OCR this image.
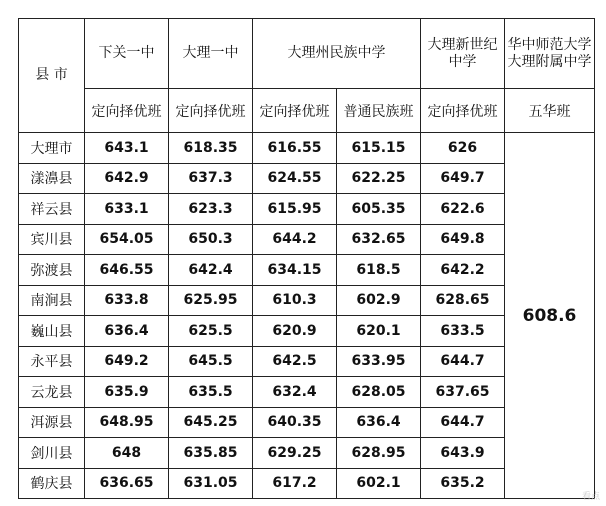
县 市	下关一中	大理一中	大理州民族中学		大理新世纪中学	华中师范大学大理附属中学
	定向择优班	定向择优班	定向择优班	普通民族班	定向择优班	五华班
大理市	643.1	618.35	616.55	615.15	626	608.6
漾濞县	642.9	637.3	624.55	622.25	649.7	
祥云县	633.1	623.3	615.95	605.35	622.6	
宾川县	654.05	650.3	644.2	632.65	649.8	
弥渡县	646.55	642.4	634.15	618.5	642.2	
南涧县	633.8	625.95	610.3	602.9	628.65	
巍山县	636.4	625.5	620.9	620.1	633.5	
永平县	649.2	645.5	642.5	633.95	644.7	
云龙县	635.9	635.5	632.4	628.05	637.65	
洱源县	648.95	645.25	640.35	636.4	644.7	
剑川县	648	635.85	629.25	628.95	643.9	
鹤庆县	636.65	631.05	617.2	602.1	635.2	
看点
